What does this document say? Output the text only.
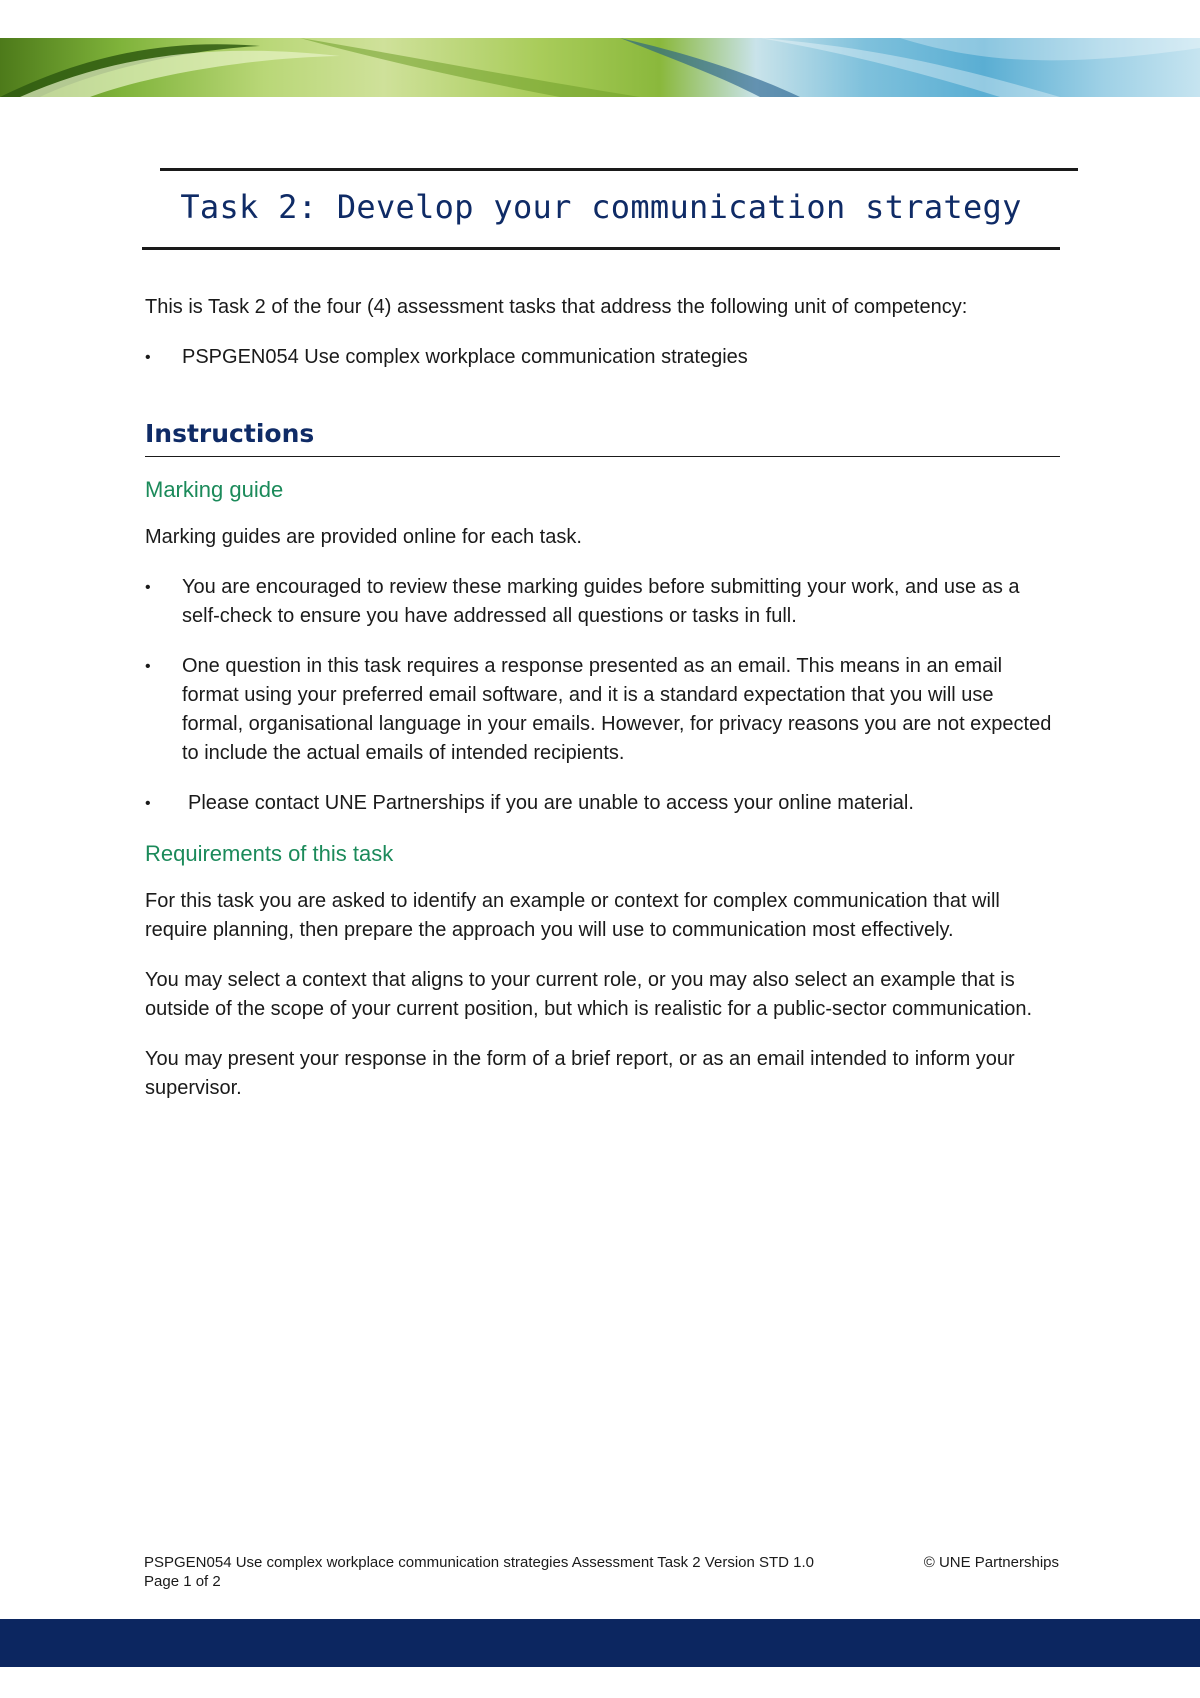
Task 2: Develop your communication strategy

This is Task 2 of the four (4) assessment tasks that address the following unit of competency:

• PSPGEN054 Use complex workplace communication strategies
Instructions
Marking guide

Marking guides are provided online for each task.

• You are encouraged to review these marking guides before submitting your work, and use as a self-check to ensure you have addressed all questions or tasks in full.
• One question in this task requires a response presented as an email. This means in an email format using your preferred email software, and it is a standard expectation that you will use formal, organisational language in your emails. However, for privacy reasons you are not expected to include the actual emails of intended recipients.
• Please contact UNE Partnerships if you are unable to access your online material.
Requirements of this task

For this task you are asked to identify an example or context for complex communication that will require planning, then prepare the approach you will use to communication most effectively.

You may select a context that aligns to your current role, or you may also select an example that is outside of the scope of your current position, but which is realistic for a public-sector communication.

You may present your response in the form of a brief report, or as an email intended to inform your supervisor.

PSPGEN054 Use complex workplace communication strategies Assessment Task 2 Version STD 1.0	© UNE Partnerships
Page 1 of 2
